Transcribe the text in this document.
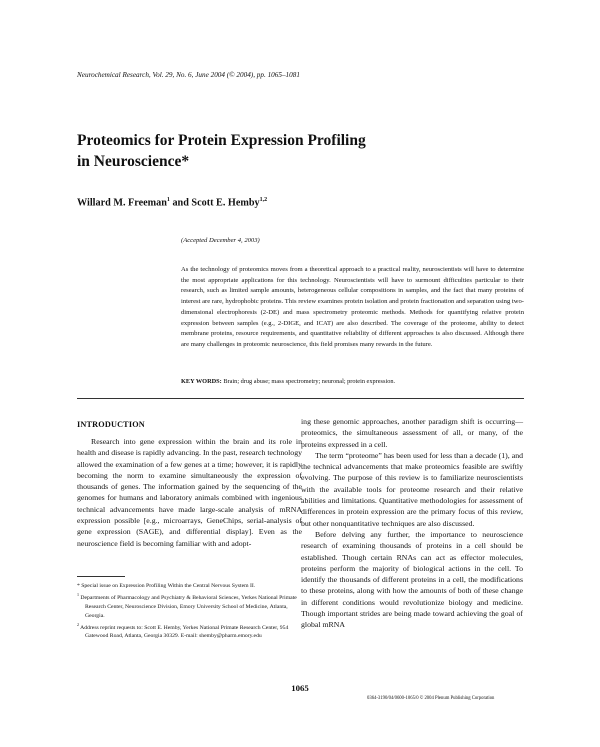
Neurochemical Research, Vol. 29, No. 6, June 2004 (© 2004), pp. 1065–1081
Proteomics for Protein Expression Profiling
in Neuroscience*
Willard M. Freeman$^1$ and Scott E. Hemby$^{1,2}$
(Accepted December 4, 2003)
As the technology of proteomics moves from a theoretical approach to a practical reality, neuroscientists will have to determine the most appropriate applications for this technology. Neuroscientists will have to surmount difficulties particular to their research, such as limited sample amounts, heterogeneous cellular compositions in samples, and the fact that many proteins of interest are rare, hydrophobic proteins. This review examines protein isolation and protein fractionation and separation using two-dimensional electrophoresis (2-DE) and mass spectrometry proteomic methods. Methods for quantifying relative protein expression between samples (e.g., 2-DIGE, and ICAT) are also described. The coverage of the proteome, ability to detect membrane proteins, resource requirements, and quantitative reliability of different approaches is also discussed. Although there are many challenges in proteomic neuroscience, this field promises many rewards in the future.
KEY WORDS: Brain; drug abuse; mass spectrometry; neuronal; protein expression.
INTRODUCTION

Research into gene expression within the brain and its role in health and disease is rapidly advancing. In the past, research technology allowed the examination of a few genes at a time; however, it is rapidly becoming the norm to examine simultaneously the expression of thousands of genes. The information gained by the sequencing of the genomes for humans and laboratory animals combined with ingenious technical advancements have made large-scale analysis of mRNA expression possible [e.g., microarrays, GeneChips, serial-analysis of gene expression (SAGE), and differential display]. Even as the neuroscience field is becoming familiar with and adopt-

ing these genomic approaches, another paradigm shift is occurring—proteomics, the simultaneous assessment of all, or many, of the proteins expressed in a cell.

The term “proteome” has been used for less than a decade (1), and the technical advancements that make proteomics feasible are swiftly evolving. The purpose of this review is to familiarize neuroscientists with the available tools for proteome research and their relative abilities and limitations. Quantitative methodologies for assessment of differences in protein expression are the primary focus of this review, but other nonquantitative techniques are also discussed.

Before delving any further, the importance to neuroscience research of examining thousands of proteins in a cell should be established. Though certain RNAs can act as effector molecules, proteins perform the majority of biological actions in the cell. To identify the thousands of different proteins in a cell, the modifications to these proteins, along with how the amounts of both of these change in different conditions would revolutionize biology and medicine. Though important strides are being made toward achieving the goal of global mRNA

* Special issue on Expression Profiling Within the Central Nervous System II.

$^1$ Departments of Pharmacology and Psychiatry & Behavioral Sciences, Yerkes National Primate Research Center, Neuroscience Division, Emory University School of Medicine, Atlanta, Georgia.

$^2$ Address reprint requests to: Scott E. Hemby, Yerkes National Primate Research Center, 954 Gatewood Road, Atlanta, Georgia 30329. E-mail: shemby@pharm.emory.edu

1065
0364-3190/04/0600-1065/0 © 2004 Plenum Publishing Corporation
